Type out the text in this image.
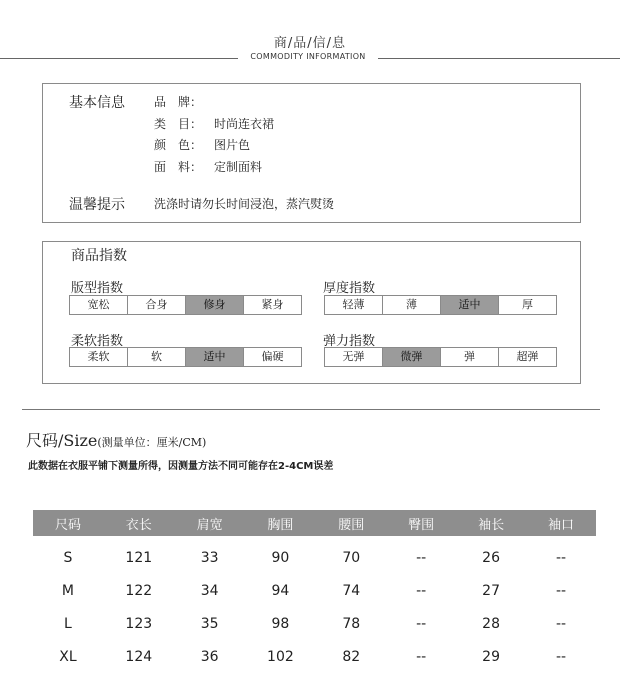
商/品/信/息
COMMODITY INFORMATION
基本信息 品　牌：
类　目： 时尚连衣裙
颜　色： 图片色
面　料： 定制面料
温馨提示 洗涤时请勿长时间浸泡，蒸汽熨烫
商品指数
版型指数
宽松	合身	修身	紧身
厚度指数
轻薄	薄	适中	厚
柔软指数
柔软	软	适中	偏硬
弹力指数
无弹	微弹	弹	超弹
尺码/Size(测量单位：厘米/CM)
此数据在衣服平铺下测量所得，因测量方法不同可能存在2-4CM误差
尺码	衣长	肩宽	胸围	腰围	臀围	袖长	袖口
S	121	33	90	70	--	26	--
M	122	34	94	74	--	27	--
L	123	35	98	78	--	28	--
XL	124	36	102	82	--	29	--
